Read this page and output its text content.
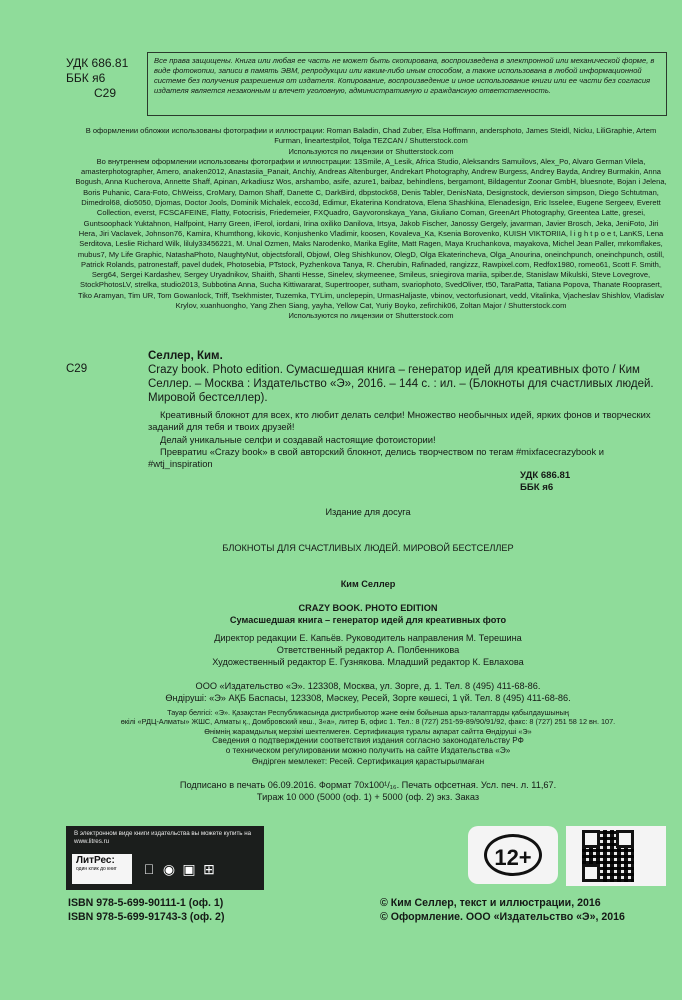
УДК 686.81
ББК я6
С29
Все права защищены. Книга или любая ее часть не может быть скопирована, воспроизведена в электронной или механической форме, в виде фотокопии, записи в память ЭВМ, репродукции или каким-либо иным способом, а также использована в любой информационной системе без получения разрешения от издателя. Копирование, воспроизведение и иное использование книги или ее части без согласия издателя является незаконным и влечет уголовную, административную и гражданскую ответственность.

В оформлении обложки использованы фотографии и иллюстрации: Roman Baladin, Chad Zuber, Elsa Hoffmann, andersphoto, James Steidl, Nicku, LiliGraphie, Artem Furman, lineartestpilot, Tolga TEZCAN / Shutterstock.com

Используются по лицензии от Shutterstock.com

Во внутреннем оформлении использованы фотографии и иллюстрации: 13Smile, A_Lesik, Africa Studio, Aleksandrs Samuilovs, Alex_Po, Alvaro German Vilela, amasterphotographer, Amero, anaken2012, Anastasiia_Panait, Anchiy, Andreas Altenburger, Andrekart Photography, Andrew Burgess, Andrey Bayda, Andrey Burmakin, Anna Bogush, Anna Kucherova, Annette Shaff, Apinan, Arkadiusz Wos, arshambo, asife, azure1, baibaz, behindlens, bergamont, Bildagentur Zoonar GmbH, bluesnote, Bojan i Jelena, Boris Puhanic, Cara-Foto, ChWeiss, CroMary, Damon Shaff, Danette C, DarkBird, dbpstock68, Denis Tabler, DenisNata, Designstock, devierson simpson, Diego Schtutman, Dimedrol68, dio5050, Djomas, Doctor Jools, Dominik Michalek, ecco3d, Edimur, Ekaterina Kondratova, Elena Shashkina, Elenadesign, Eric Isselee, Eugene Sergeev, Everett Collection, everst, FCSCAFEINE, Flatty, Fotocrisis, Friedemeier, FXQuadro, Gayvoronskaya_Yana, Giuliano Coman, GreenArt Photography, Greentea Latte, gresei, Guntsoophack Yuktahnon, Halfpoint, Harry Green, iFerol, iordani, Irina oxiliko Danilova, Irtsya, Jakob Fischer, Janossy Gergely, javarman, Javier Brosch, Jeka, JeniFoto, Jiri Hera, Jiri Vaclavek, Johnson76, Kamira, Khumthong, kikovic, Konjushenko Vladimir, koosen, Kovaleva_Ka, Ksenia Borovenko, KUISH VIKTORIIA, l i g h t p o e t, LanKS, Lena Serditova, Leslie Richard Wilk, liluly33456221, M. Unal Ozmen, Maks Narodenko, Marika Eglite, Matt Ragen, Maya Kruchankova, mayakova, Michel Jean Paller, mrkomflakes, mubus7, My Life Graphic, NatashaPhoto, NaughtyNut, objectsforall, Objowl, Oleg Shishkunov, OlegD, Olga Ekaterincheva, Olga_Anourina, oneinchpunch, oneinchpunch, ostill, Patrick Rolands, patronestaff, pavel dudek, Photosebia, PTstock, Pyzhenkova Tanya, R. Cherubin, Rafinaded, rangizzz, Rawpixel.com, Redfox1980, romeo61, Scott F. Smith, Serg64, Sergei Kardashev, Sergey Uryadnikov, Shaiith, Shanti Hesse, Sinelev, skymeenee, Smileus, sniegirova mariia, spiber.de, Stanislaw Mikulski, Steve Lovegrove, StockPhotosLV, strelka, studio2013, Subbotina Anna, Sucha Kittiwararat, Supertrooper, sutham, svariophoto, SvedOliver, t50, TaraPatta, Tatiana Popova, Thanate Rooprasert, Tiko Aramyan, Tim UR, Tom Gowanlock, Triff, Tsekhmister, Tuzemka, TYLim, unclepepin, UrmasHaljaste, vbinov, vectorfusionart, vedd, Vitalinka, Vjacheslav Shishlov, Vladislav Krylov, xuanhuongho, Yang Zhen Siang, yayha, Yellow Cat, Yuriy Boyko, zefirchik06, Zoltan Major / Shutterstock.com

Используются по лицензии от Shutterstock.com

Селлер, Ким.
С29	Crazy book. Photo edition. Сумасшедшая книга – генератор идей для креативных фото / Ким Селлер. – Москва : Издательство «Э», 2016. – 144 с. : ил. – (Блокноты для счастливых людей. Мировой бестселлер).
Креативный блокнот для всех, кто любит делать селфи! Множество необычных идей, ярких фонов и творческих заданий для тебя и твоих друзей!
Делай уникальные селфи и создавай настоящие фотоистории!
Превратиu «Crazy book» в свой авторский блокнот, делись творчеством по тегам #mixfacecrazybook и #wtj_inspiration
УДК 686.81
ББК я6
Издание для досуга
БЛОКНОТЫ ДЛЯ СЧАСТЛИВЫХ ЛЮДЕЙ. МИРОВОЙ БЕСТСЕЛЛЕР
Ким Селлер
CRAZY BOOK. PHOTO EDITION
Сумасшедшая книга – генератор идей для креативных фото
Директор редакции Е. Капьёв. Руководитель направления М. Терешина
Ответственный редактор А. Полбенникова
Художественный редактор Е. Гузнякова. Младший редактор К. Евлахова
ООО «Издательство «Э». 123308, Москва, ул. Зорге, д. 1. Тел. 8 (495) 411-68-86.
Өндіруші: «Э» АҚБ Баспасы, 123308, Мәскеу, Ресей, Зорге көшесі, 1 үй. Тел. 8 (495) 411-68-86.
Тауар белгісі: «Э». Қазақстан Республикасында дистрибьютор және өнім бойынша арыз-талаптарды қабылдаушының
өкілі «РДЦ-Алматы» ЖШС, Алматы қ., Домбровский көш., 3«а», литер Б, офис 1. Тел.: 8 (727) 251-59-89/90/91/92, факс: 8 (727) 251 58 12 вн. 107.
Өнімнің жарамдылық мерзімі шектелмеген. Сертификация туралы ақпарат сайтта Өндіруші «Э»
Сведения о подтверждении соответствия издания согласно законодательству РФ
о техническом регулировании можно получить на сайте Издательства «Э»
Өндірген мемлекет: Ресей. Сертификация қарастырылмаған
Подписано в печать 06.09.2016. Формат 70x100¹/₁₆. Печать офсетная. Усл. печ. л. 11,67.
Тираж 10 000 (5000 (оф. 1) + 5000 (оф. 2) экз. Заказ
В электронном виде книги издательства вы можете купить на www.litres.ru
ЛитРес:
один клик до книг	◉ ▣ ⊞	12+
ISBN 978-5-699-90111-1 (оф. 1)
ISBN 978-5-699-91743-3 (оф. 2)
© Ким Селлер, текст и иллюстрации, 2016
© Оформление. ООО «Издательство «Э», 2016
